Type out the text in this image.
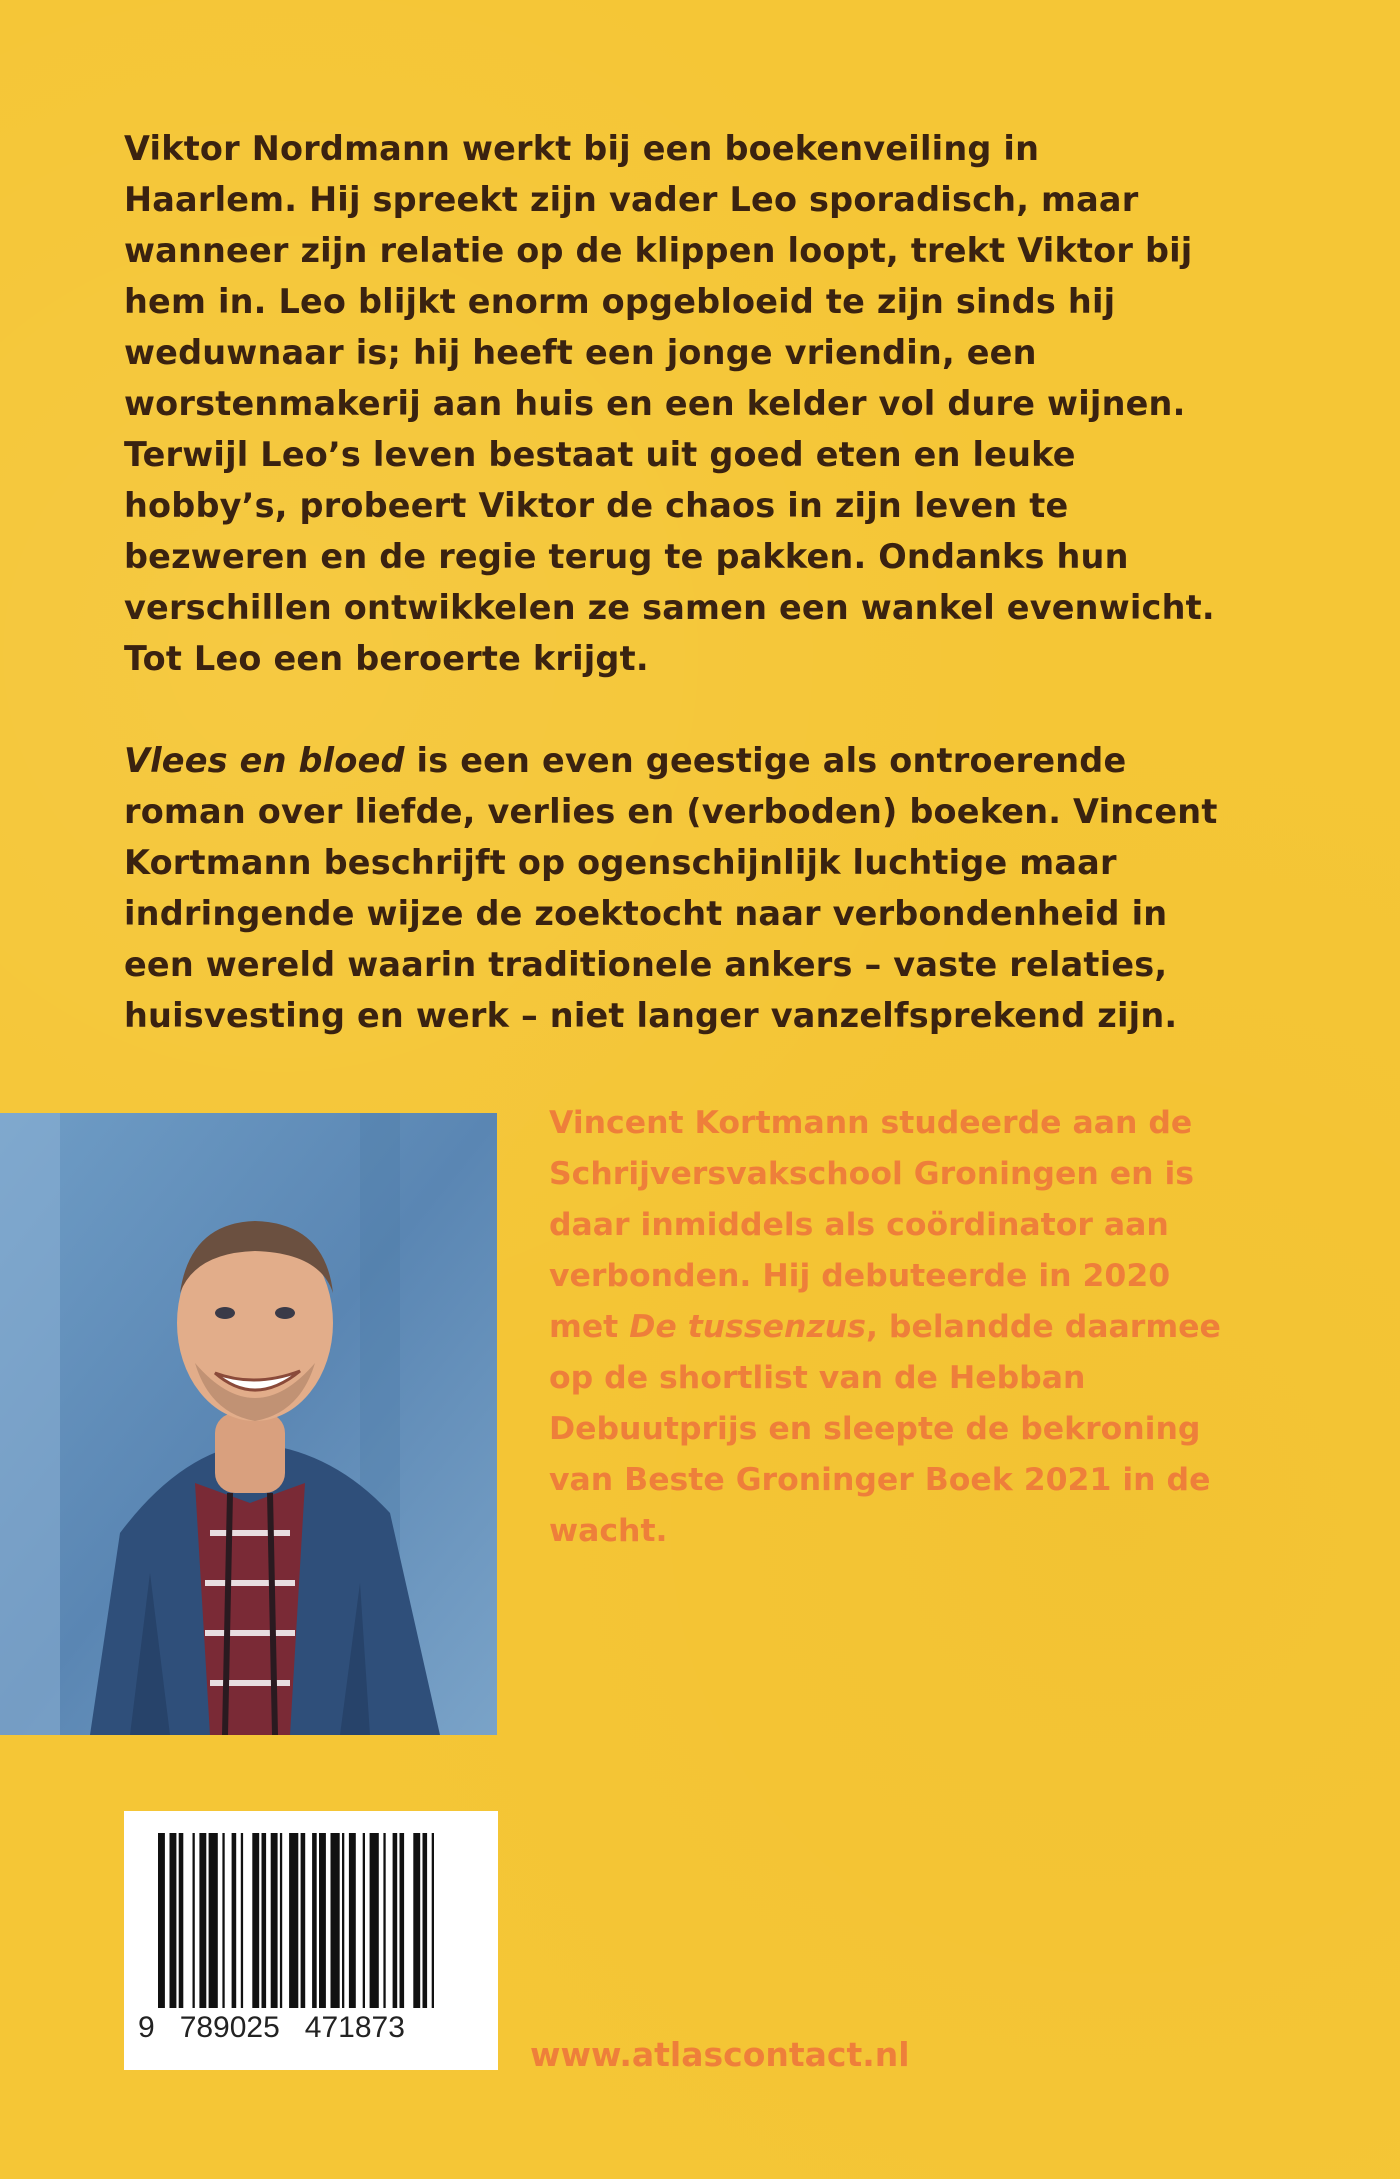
Viktor Nordmann werkt bij een boekenveiling in Haarlem. Hij spreekt zijn vader Leo sporadisch, maar wanneer zijn relatie op de klippen loopt, trekt Viktor bij hem in. Leo blijkt enorm opgebloeid te zijn sinds hij weduwnaar is; hij heeft een jonge vriendin, een worstenmakerij aan huis en een kelder vol dure wijnen.

Terwijl Leo’s leven bestaat uit goed eten en leuke hobby’s, probeert Viktor de chaos in zijn leven te bezweren en de regie terug te pakken. Ondanks hun verschillen ontwikkelen ze samen een wankel evenwicht. Tot Leo een beroerte krijgt.

Vlees en bloed is een even geestige als ontroerende roman over liefde, verlies en (verboden) boeken. Vincent Kortmann beschrijft op ogenschijnlijk luchtige maar indringende wijze de zoektocht naar verbondenheid in een wereld waarin traditionele ankers – vaste relaties, huisvesting en werk – niet langer vanzelfsprekend zijn.

Vincent Kortmann studeerde aan de Schrijversvakschool Groningen en is daar inmiddels als coördinator aan verbonden. Hij debuteerde in 2020 met De tussenzus, belandde daarmee op de shortlist van de Hebban Debuutprijs en sleepte de bekroning van Beste Groninger Boek 2021 in de wacht.
9   789025   471873
www.atlascontact.nl
